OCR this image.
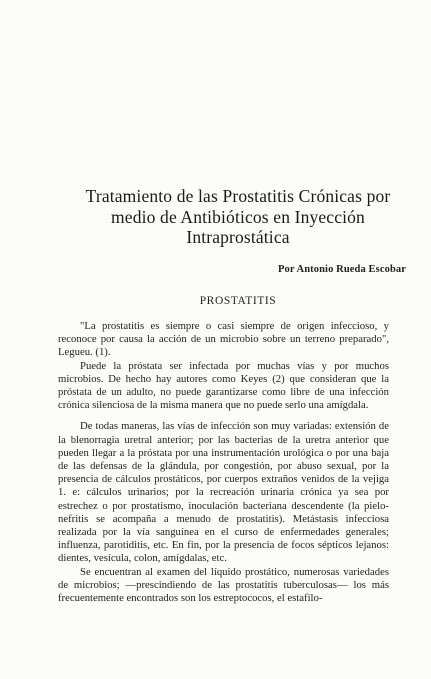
Tratamiento de las Prostatitis Crónicas por
medio de Antibióticos en Inyección
Intraprostática
Por Antonio Rueda Escobar
PROSTATITIS

"La prostatitis es siempre o casi siempre de origen infeccioso, y reconoce por causa la acción de un microbio sobre un terreno preparado", Legueu. (1).

Puede la próstata ser infectada por muchas vías y por muchos microbios. De hecho hay autores como Keyes (2) que consideran que la próstata de un adulto, no puede garantizarse como libre de una infección crónica silenciosa de la misma manera que no puede serlo una amígdala.

De todas maneras, las vías de infección son muy variadas: extensión de la blenorragia uretral anterior; por las bacterias de la uretra anterior que pueden llegar a la próstata por una instrumentación urológica o por una baja de las defensas de la glándula, por congestión, por abuso sexual, por la presencia de cálculos prostáticos, por cuerpos extraños venidos de la vejiga 1. e: cálculos urinarios; por la recreación urinaria crónica ya sea por estrechez o por prostatismo, inoculación bacteriana descendente (la pielo-nefritis se acompaña a menudo de prostatitis). Metástasis infecciosa realizada por la vía sanguínea en el curso de enfermedades generales; influenza, parotiditis, etc. En fin, por la presencia de focos sépticos lejanos: dientes, vesícula, colon, amígdalas, etc.

Se encuentran al examen del líquido prostático, numerosas variedades de microbios; —prescindiendo de las prostatitis tuberculosas— los más frecuentemente encontrados son los estreptococos, el estafilo-
